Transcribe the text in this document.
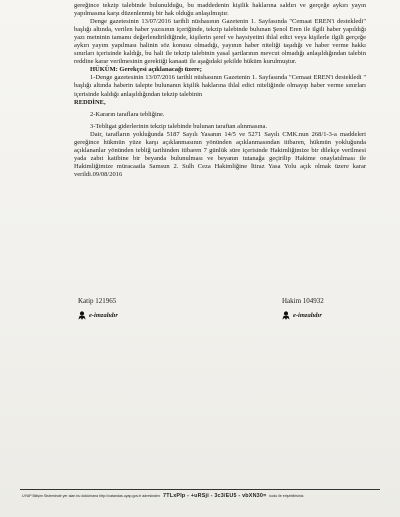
gereğince tekzip talebinde bulunulduğu, bu maddedenin kişilik haklarına saldırı ve gerçeğe aykırı yayın yapılmasına karşı düzenlenmiş bir hak olduğu anlaşılmıştır.

Denge gazetesinin 13/07/2016 tarihli nüshasının Gazetenin 1. Sayfasında "Cemaat EREN'i destekledi" başlığı altında, verilen haber yazısının içeriğinde, tekzip talebinde bulunan Şenol Eren ile ilgili haber yapıldığı yazı metninin tamamı değerlendirildiğinde, kişilerin şeref ve haysiyetini ihlal edici veya kişilerle ilgili gerçeğe aykırı yayım yapılması halinin söz konusu olmadığı, yayının haber niteliği taşıdığı ve haber verme hakkı sınırları içerisinde kaldığı, bu hali ile tekzip talebinin yasal şartlarının mevcut olmadığı anlaşıldığından talebin reddine karar verilmesinin gerektiği kanaati ile aşağıdaki şekilde hüküm kurulmuştur.

HÜKÜM: Gerekçesi açıklanacağı üzere;

1-Denge gazetesinin 13/07/2016 tarihli nüshasının Gazetenin 1. Sayfasında "Cemaat EREN'i destekledi " başlığı altında haberin talepte bulunanın kişilik haklarına ihlal edici niteliğinde olmayıp haber verme sınırları içerisinde kaldığı anlaşıldığından tekzip talebinin

REDDİNE,

2-Kararın taraflara tebliğine.

3-Tebligat giderlerinin tekzip talebinde bulunan taraftan alınmasına.

Dair, tarafların yokluğunda 5187 Sayılı Yasanın 14/5 ve 5271 Sayılı CMK.nun 268/1-3-a maddeleri gereğince hükmün yüze karşı açıklanmasının yönünden açıklanmasından itibaren, hükmün yokluğunda açıklananlar yönünden tebliğ tarihinden itibaren 7 günlük süre içerisinde Hakimliğimize bir dilekçe verilmesi yada zabıt katibine bir beyanda bulunulması ve beyanın tutanağa geçirilip Hakime onaylatılması ile Hakimliğimize müracaatla Samsun 2. Sulh Ceza Hakimliğine İtiraz Yasa Yolu açık olmak üzere karar verildi.09/08/2016

Katip 121965
e-imzalıdır
Hakim 104932
e-imzalıdır
UYAP Bilişim Sisteminde yer alan bu dokümana http://vatandas.uyap.gov.tr adresinden 7TLxPIp - +uRSji - 3c3/EU5 - vbXN30= kodu ile erişebilirsiniz.
